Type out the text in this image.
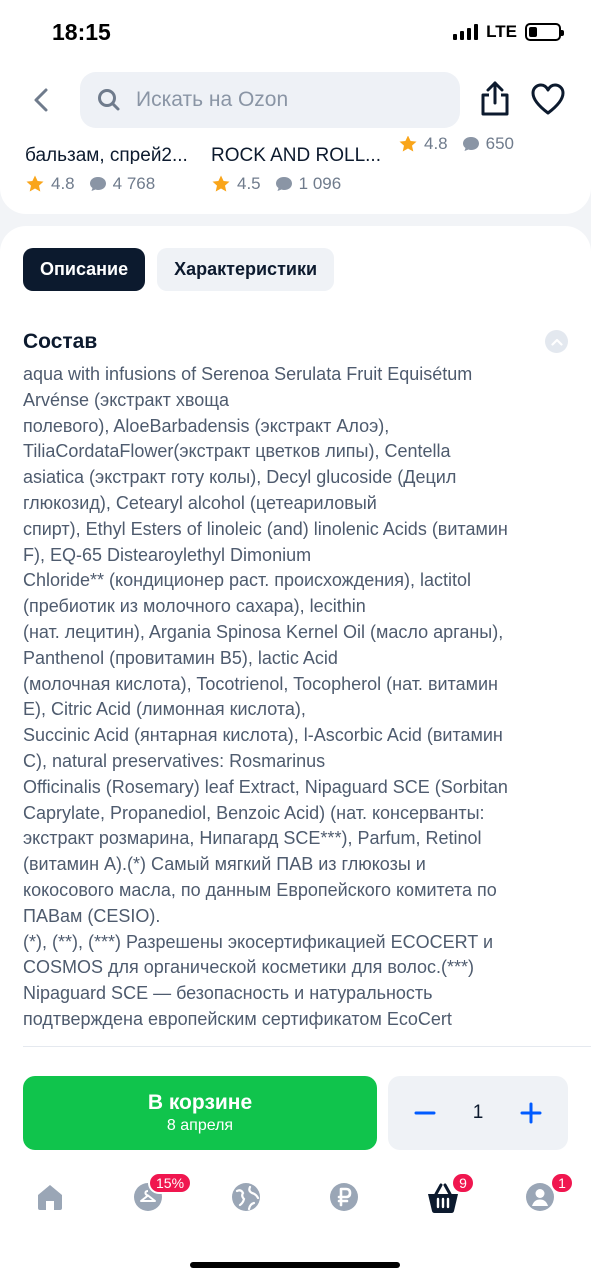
18:15	LTE
Искать на Ozon
бальзам, спрей2...
4.8 4 768
ROCK AND ROLL...
4.5 1 096
4.8 650
Описание	Характеристики
Состав
aqua with infusions of Serenoa Serulata Fruit Equisétum
Arvénse (экстракт хвоща
полевого), AloeBarbadensis (экстракт Алоэ),
TiliaCordataFlower(экстракт цветков липы), Centella
asiatica (экстракт готу колы), Decyl glucoside (Децил
глюкозид), Cetearyl alcohol (цетеариловый
спирт), Ethyl Esters of linoleic (and) linolenic Acids (витамин
F), EQ-65 Distearoylethyl Dimonium
Chloride** (кондиционер раст. происхождения), lactitol
(пребиотик из молочного сахара), lecithin
(нат. лецитин), Argania Spinosa Kernel Oil (масло арганы),
Panthenol (провитамин B5), lactic Acid
(молочная кислота), Tocotrienol, Tocopherol (нат. витамин
E), Citric Acid (лимонная кислота),
Succinic Acid (янтарная кислота), l-Ascorbic Acid (витамин
C), natural preservatives: Rosmarinus
Officinalis (Rosemary) leaf Extract, Nipaguard SCE (Sorbitan
Caprylate, Propanediol, Benzoic Acid) (нат. консерванты:
экстракт розмарина, Нипагард SCE***), Parfum, Retinol
(витамин А).(*) Самый мягкий ПАВ из глюкозы и
кокосового масла, по данным Европейского комитета по
ПАВам (CESIO).
(*), (**), (***) Разрешены экосертификацией ECOCERT и
COSMOS для органической косметики для волос.(***)
Nipaguard SCE — безопасность и натуральность
подтверждена европейским сертификатом EcoCert
В корзине
8 апреля
1
15%	9	1
